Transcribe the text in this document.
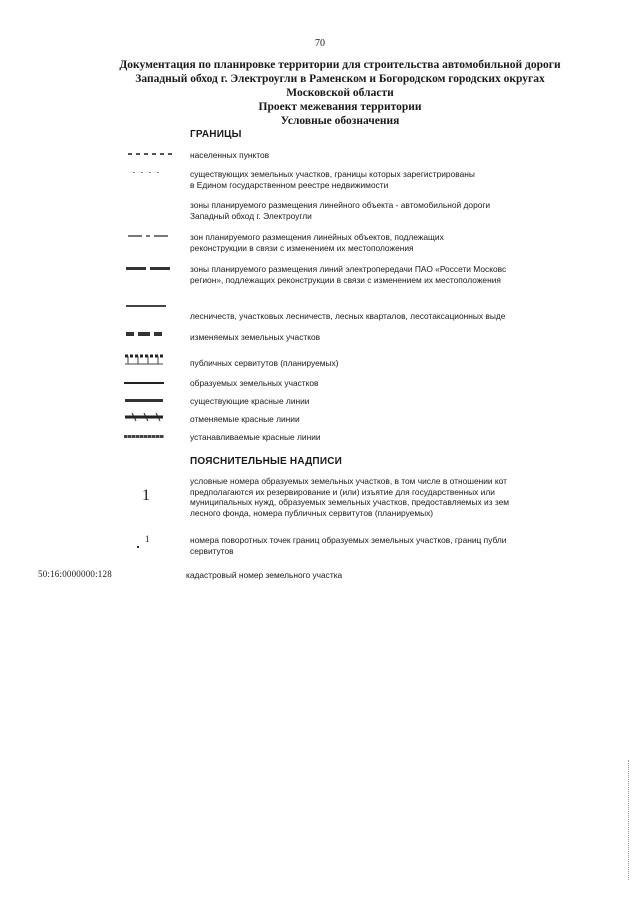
70
Документация по планировке территории для строительства автомобильной дороги
Западный обход г. Электроугли в Раменском и Богородском городских округах
Московской области
Проект межевания территории
Условные обозначения
ГРАНИЦЫ
населенных пунктов
существующих земельных участков, границы которых зарегистрированы
в Едином государственном реестре недвижимости
зоны планируемого размещения линейного объекта - автомобильной дороги
Западный обход г. Электроугли
зон планируемого размещения линейных объектов, подлежащих
реконструкции в связи с изменением их местоположения
зоны планируемого размещения линий электропередачи ПАО «Россети Московс
регион», подлежащих реконструкции в связи с изменением их местоположения
лесничеств, участковых лесничеств, лесных кварталов, лесотаксационных выде
изменяемых земельных участков
публичных сервитутов (планируемых)
образуемых земельных участков
существующие красные линии
отменяемые красные линии
устанавливаемые красные линии
ПОЯСНИТЕЛЬНЫЕ НАДПИСИ
1
условные номера образуемых земельных участков, в том числе в отношении кот
предполагаются их резервирование и (или) изъятие для государственных или
муниципальных нужд, образуемых земельных участков, предоставляемых из зем
лесного фонда, номера публичных сервитутов (планируемых)
1	номера поворотных точек границ образуемых земельных участков, границ публи
сервитутов
50:16:0000000:128	кадастровый номер земельного участка
